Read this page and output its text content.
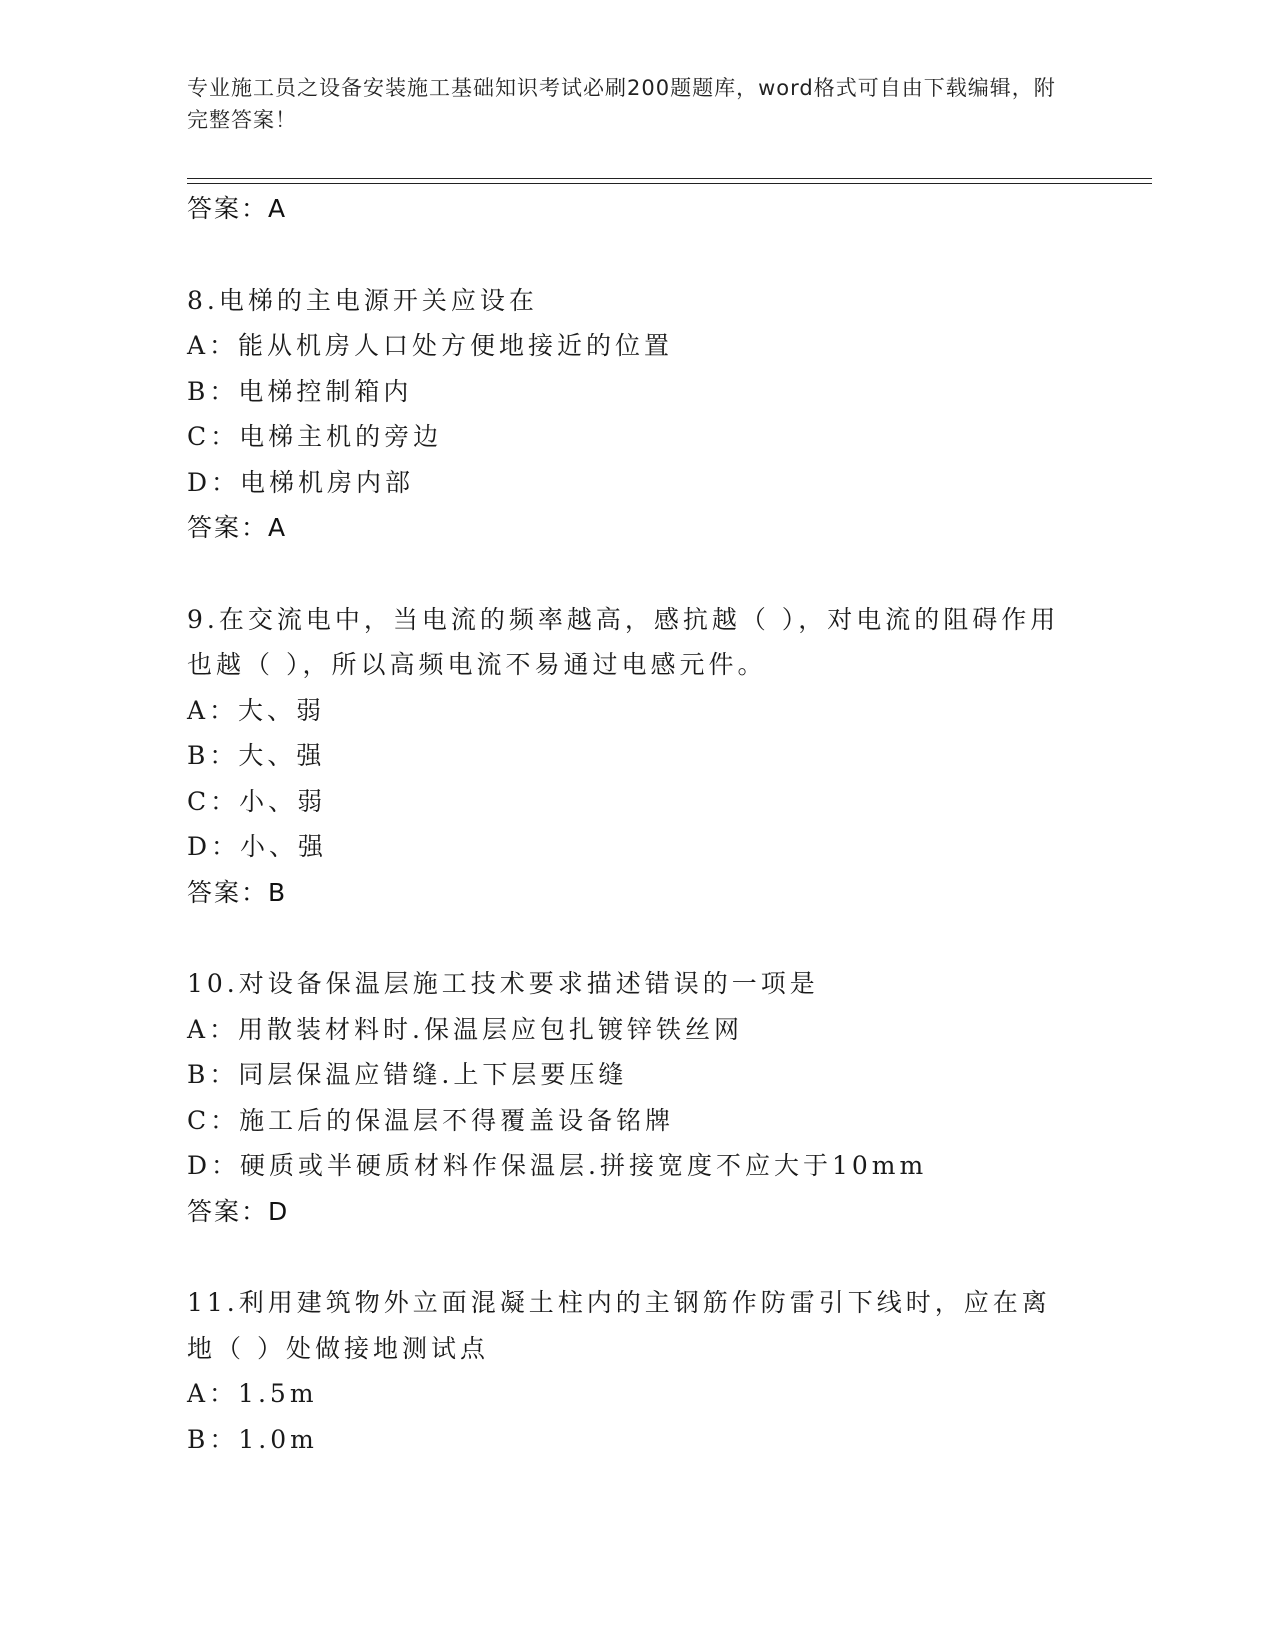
专业施工员之设备安装施工基础知识考试必刷200题题库，word格式可自由下载编辑，附完整答案！
答案：A
8.电梯的主电源开关应设在
A：能从机房人口处方便地接近的位置
B：电梯控制箱内
C：电梯主机的旁边
D：电梯机房内部
答案：A
9.在交流电中，当电流的频率越高，感抗越（ ），对电流的阻碍作用也越（ ），所以高频电流不易通过电感元件。
A：大、弱
B：大、强
C：小、弱
D：小、强
答案：B
10.对设备保温层施工技术要求描述错误的一项是
A：用散装材料时.保温层应包扎镀锌铁丝网
B：同层保温应错缝.上下层要压缝
C：施工后的保温层不得覆盖设备铭牌
D：硬质或半硬质材料作保温层.拼接宽度不应大于10mm
答案：D
11.利用建筑物外立面混凝土柱内的主钢筋作防雷引下线时，应在离地（ ）处做接地测试点
A：1.5m
B：1.0m
